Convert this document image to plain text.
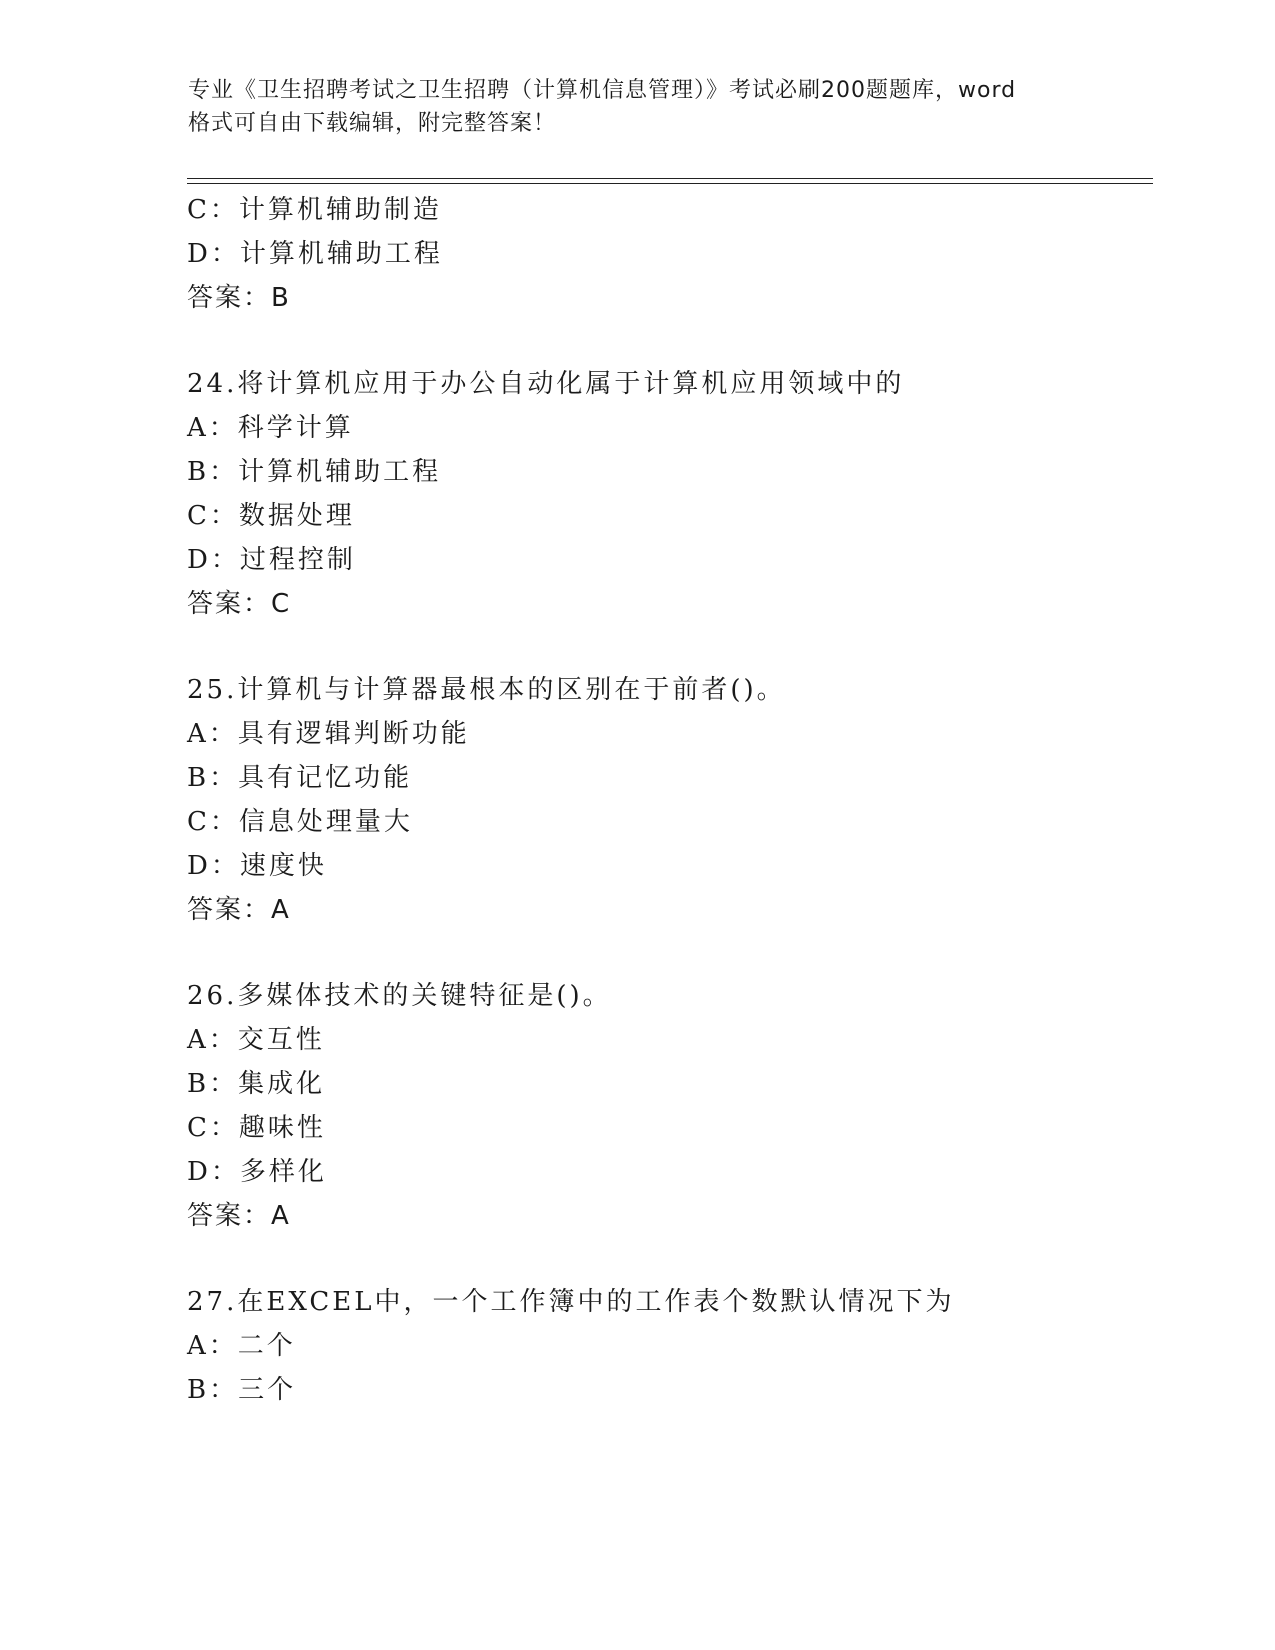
专业《卫生招聘考试之卫生招聘（计算机信息管理）》考试必刷200题题库，word
格式可自由下载编辑，附完整答案！
C：计算机辅助制造
D：计算机辅助工程
答案：B
24.将计算机应用于办公自动化属于计算机应用领域中的
A：科学计算
B：计算机辅助工程
C：数据处理
D：过程控制
答案：C
25.计算机与计算器最根本的区别在于前者()。
A：具有逻辑判断功能
B：具有记忆功能
C：信息处理量大
D：速度快
答案：A
26.多媒体技术的关键特征是()。
A：交互性
B：集成化
C：趣味性
D：多样化
答案：A
27.在EXCEL中，一个工作簿中的工作表个数默认情况下为
A：二个
B：三个
